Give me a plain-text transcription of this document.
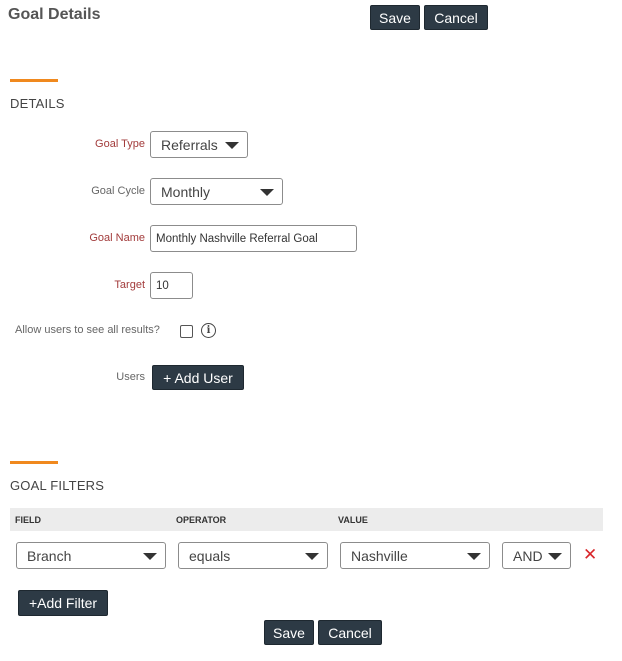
Goal Details	Save	Cancel
DETAILS
Goal Type Referrals
Goal Cycle Monthly
Goal Name
Monthly Nashville Referral Goal
Target
10
Allow users to see all results?	i
Users	+ Add User
GOAL FILTERS
FIELD	OPERATOR	VALUE
Branch	equals	Nashville	AND ✕
+Add Filter
Save	Cancel
